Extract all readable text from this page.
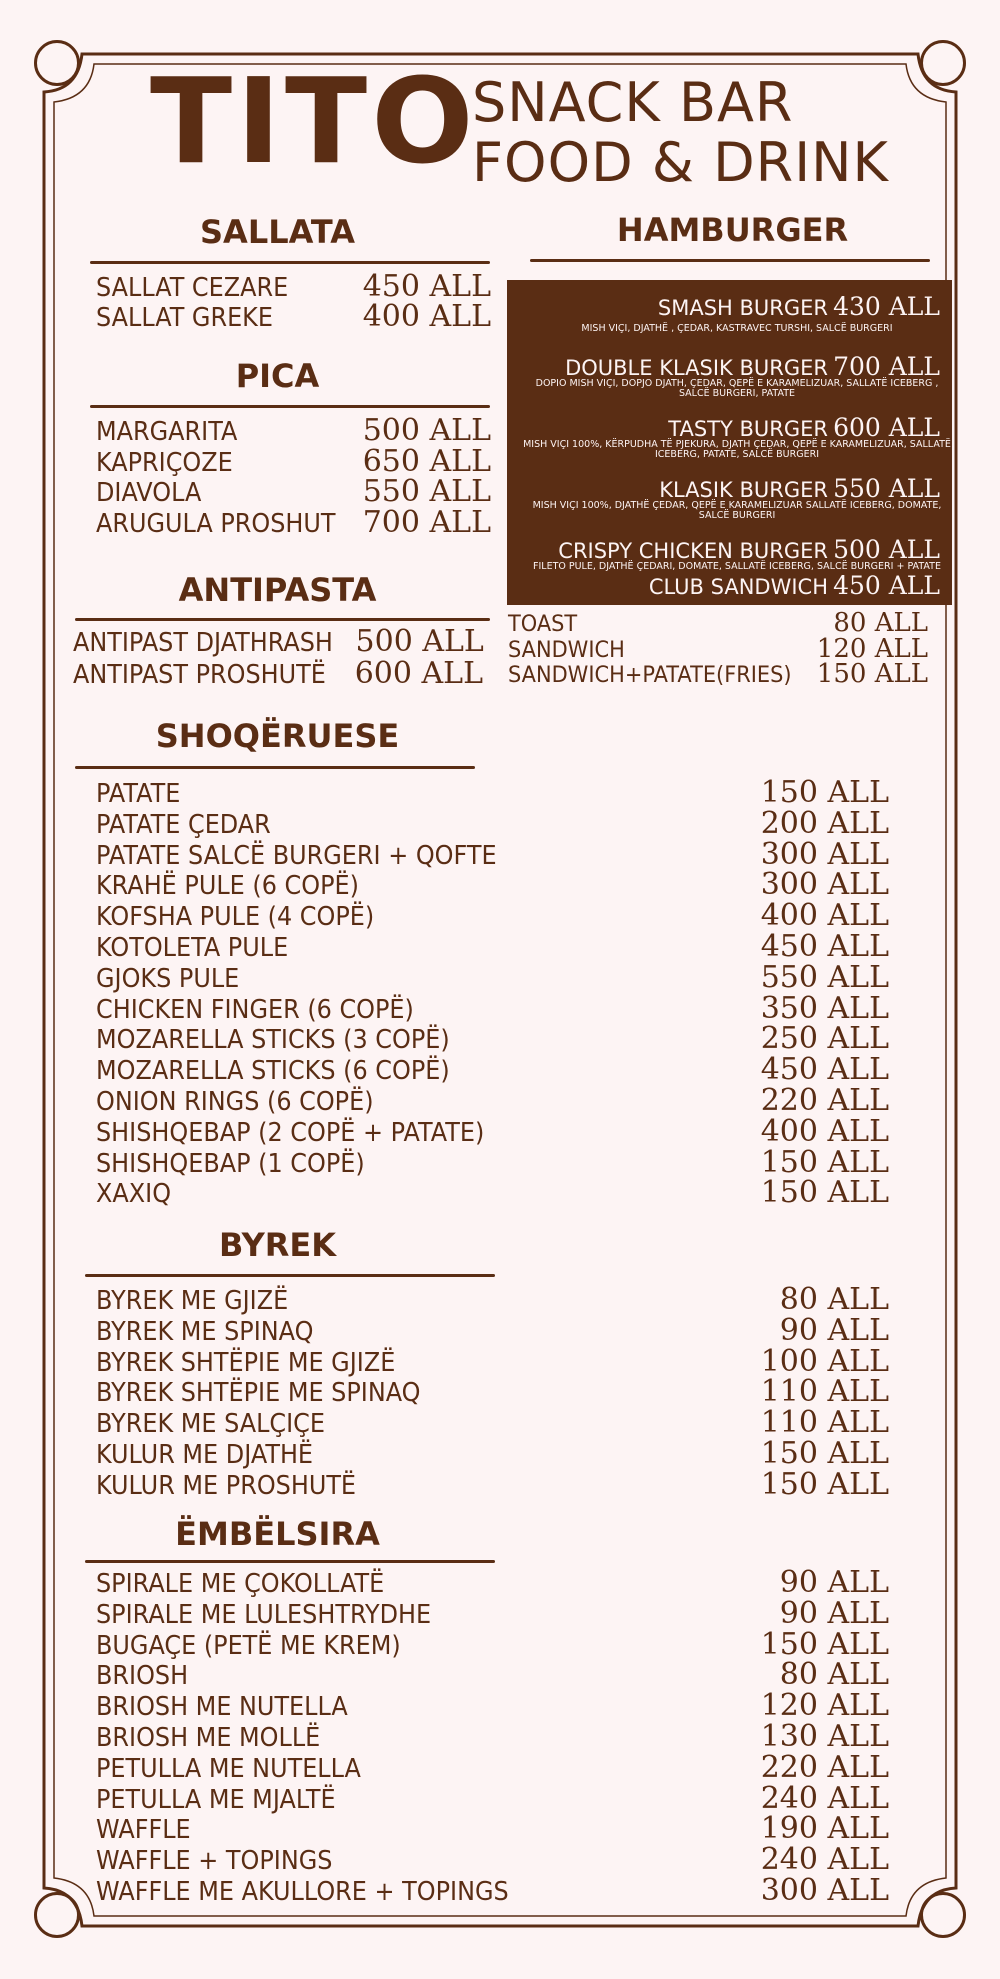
TITO
SNACK BAR
FOOD & DRINK
SALLATA
SALLAT CEZARE 450 ALL
SALLAT GREKE	400 ALL
PICA
MARGARITA	500 ALL
KAPRIÇOZE	650 ALL
DIAVOLA	550 ALL
ARUGULA PROSHUT 700 ALL
ANTIPASTA
ANTIPAST DJATHRASH 500 ALL
ANTIPAST PROSHUTË 600 ALL
HAMBURGER
SMASH BURGER 430 ALL
MISH VIÇI, DJATHË , ÇEDAR, KASTRAVEC TURSHI, SALCË BURGERI
DOUBLE KLASIK BURGER 700 ALL
DOPIO MISH VIÇI, DOPJO DJATH, ÇEDAR, QEPË E KARAMELIZUAR, SALLATË ICEBERG , SALCË BURGERI, PATATE
TASTY BURGER 600 ALL
MISH VIÇI 100%, KËRPUDHA TË PJEKURA, DJATH ÇEDAR, QEPË E KARAMELIZUAR, SALLATË ICEBERG, PATATE, SALCË BURGERI
KLASIK BURGER 550 ALL
MISH VIÇI 100%, DJATHË ÇEDAR, QEPË E KARAMELIZUAR SALLATË ICEBERG, DOMATE, SALCË BURGERI
CRISPY CHICKEN BURGER 500 ALL
FILETO PULE, DJATHË ÇEDARI, DOMATE, SALLATË ICEBERG, SALCË BURGERI + PATATE
CLUB SANDWICH 450 ALL
TOAST	80 ALL
SANDWICH	120 ALL
SANDWICH+PATATE(FRIES) 150 ALL
SHOQËRUESE
PATATE	150 ALL
PATATE ÇEDAR	200 ALL
PATATE SALCË BURGERI + QOFTE	300 ALL
KRAHË PULE (6 COPË)	300 ALL
KOFSHA PULE (4 COPË)	400 ALL
KOTOLETA PULE	450 ALL
GJOKS PULE	550 ALL
CHICKEN FINGER (6 COPË)	350 ALL
MOZARELLA STICKS (3 COPË)	250 ALL
MOZARELLA STICKS (6 COPË)	450 ALL
ONION RINGS (6 COPË)	220 ALL
SHISHQEBAP (2 COPË + PATATE)	400 ALL
SHISHQEBAP (1 COPË)	150 ALL
XAXIQ	150 ALL
BYREK
BYREK ME GJIZË	80 ALL
BYREK ME SPINAQ	90 ALL
BYREK SHTËPIE ME GJIZË	100 ALL
BYREK SHTËPIE ME SPINAQ	110 ALL
BYREK ME SALÇIÇE	110 ALL
KULUR ME DJATHË	150 ALL
KULUR ME PROSHUTË	150 ALL
ËMBËLSIRA
SPIRALE ME ÇOKOLLATË	90 ALL
SPIRALE ME LULESHTRYDHE	90 ALL
BUGAÇE (PETË ME KREM)	150 ALL
BRIOSH	80 ALL
BRIOSH ME NUTELLA	120 ALL
BRIOSH ME MOLLË	130 ALL
PETULLA ME NUTELLA	220 ALL
PETULLA ME MJALTË	240 ALL
WAFFLE	190 ALL
WAFFLE + TOPINGS	240 ALL
WAFFLE ME AKULLORE + TOPINGS	300 ALL
